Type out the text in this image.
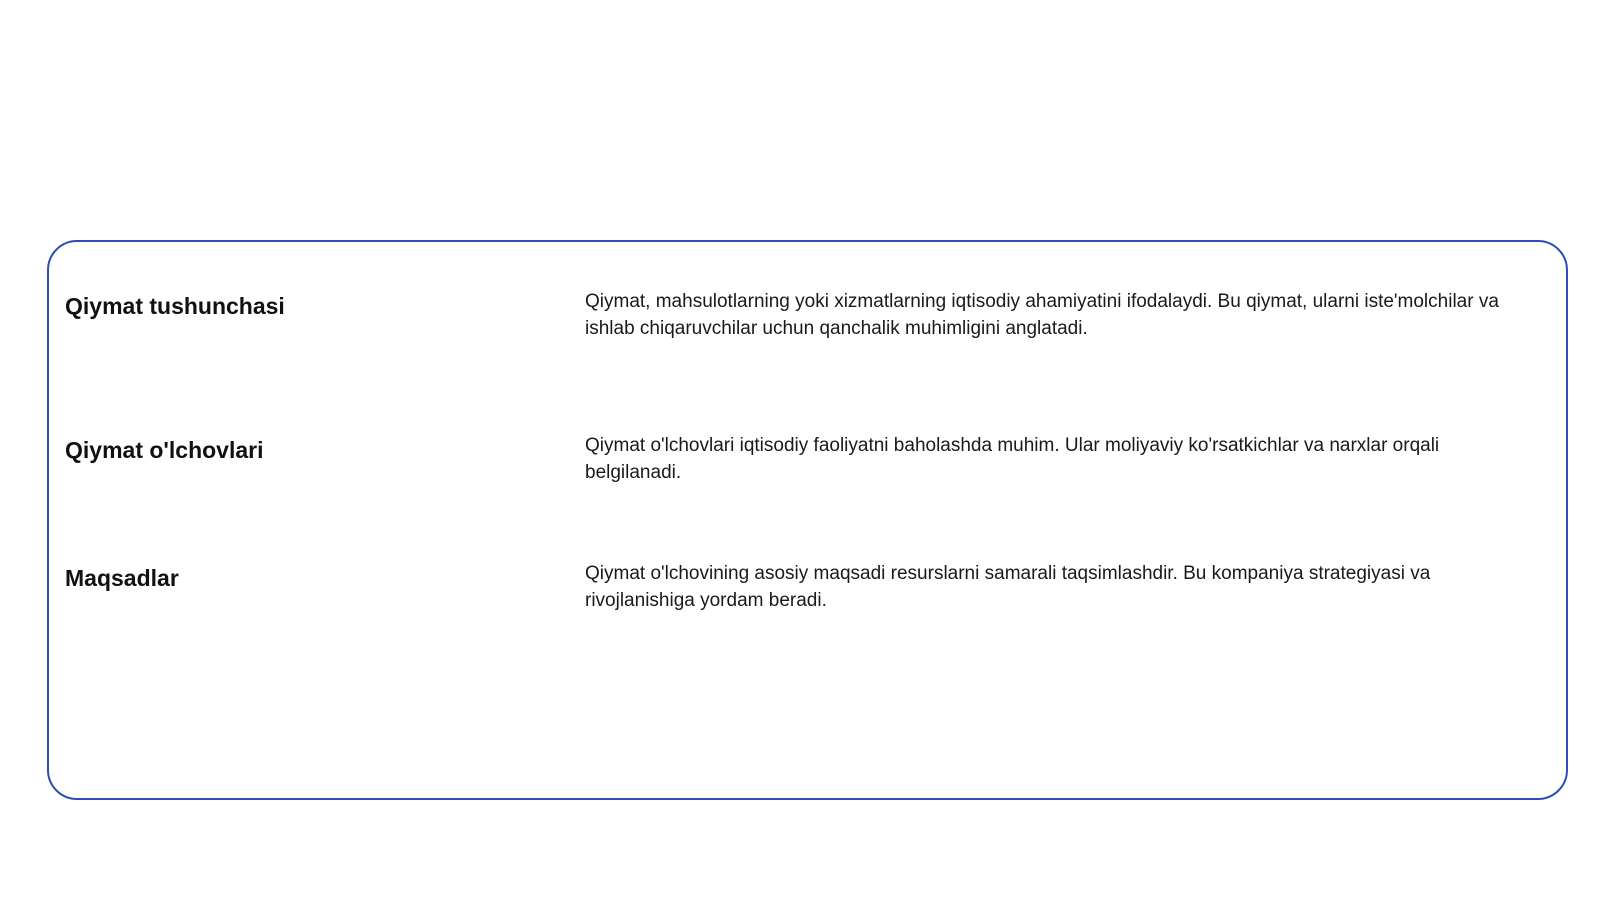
Qiymat tushunchasi	Qiymat, mahsulotlarning yoki xizmatlarning iqtisodiy ahamiyatini ifodalaydi. Bu qiymat, ularni iste'molchilar va ishlab chiqaruvchilar uchun qanchalik muhimligini anglatadi.
Qiymat o'lchovlari	Qiymat o'lchovlari iqtisodiy faoliyatni baholashda muhim. Ular moliyaviy ko'rsatkichlar va narxlar orqali belgilanadi.
Maqsadlar	Qiymat o'lchovining asosiy maqsadi resurslarni samarali taqsimlashdir. Bu kompaniya strategiyasi va rivojlanishiga yordam beradi.
